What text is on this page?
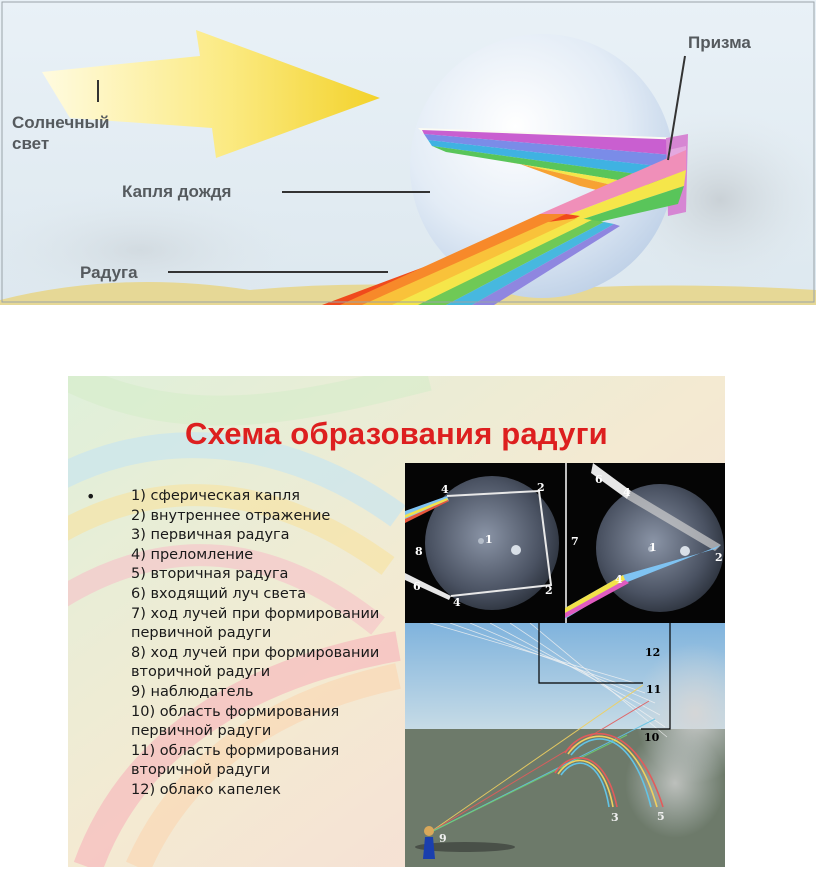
Солнечный
свет
Капля дождя
Радуга
Призма
Схема образования радуги
• 1) сферическая капля
2) внутреннее отражение
3) первичная радуга
4) преломление
5) вторичная радуга
6) входящий луч света
7) ход лучей при формировании
первичной радуги
8) ход лучей при формировании
вторичной радуги
9) наблюдатель
10) область формирования
первичной радуги
11) область формирования
вторичной радуги
12) облако капелек
1
2
2
4
4
6
8	1
2
4
4
6
7
12
11
10
3	5
9
